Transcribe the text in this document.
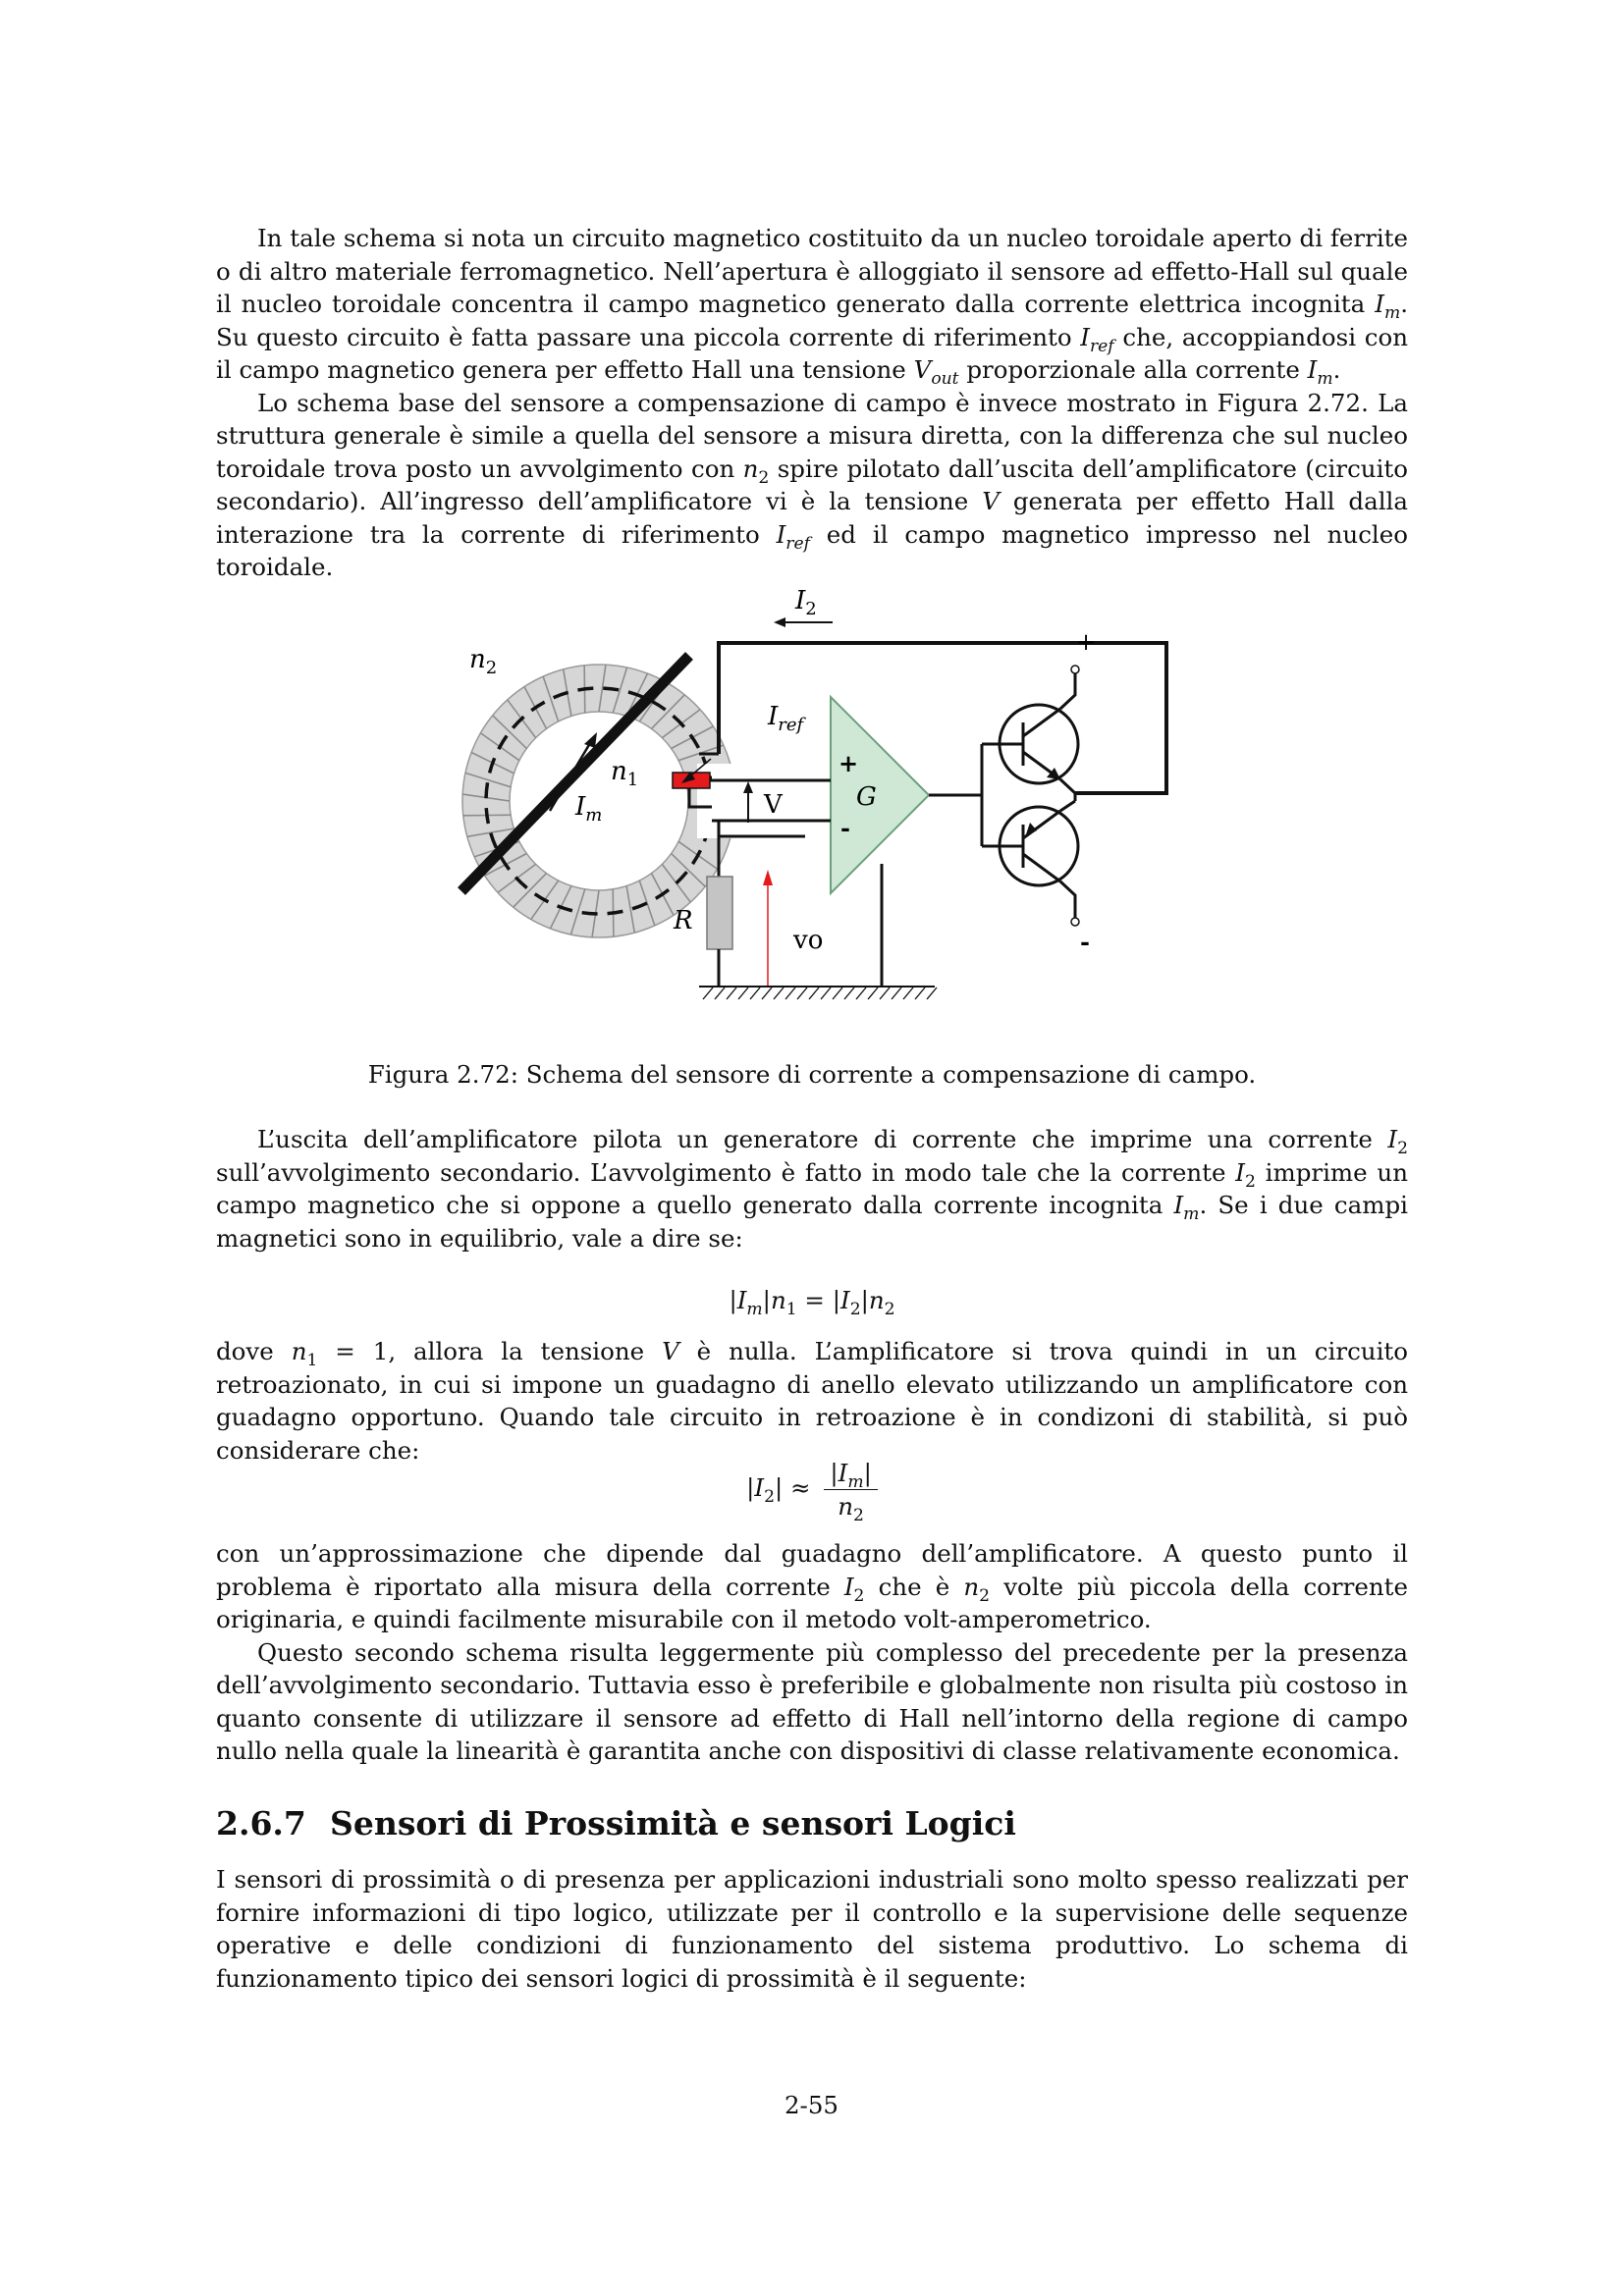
In tale schema si nota un circuito magnetico costituito da un nucleo toroidale aperto di ferrite o di altro materiale ferromagnetico. Nell’apertura è alloggiato il sensore ad effetto-Hall sul quale il nucleo toroidale concentra il campo magnetico generato dalla corrente elettrica incognita $I_m$. Su questo circuito è fatta passare una piccola corrente di riferimento $I_{ref}$ che, accoppiandosi con il campo magnetico genera per effetto Hall una tensione $V_{out}$ proporzionale alla corrente $I_m$.

Lo schema base del sensore a compensazione di campo è invece mostrato in Figura 2.72. La struttura generale è simile a quella del sensore a misura diretta, con la differenza che sul nucleo toroidale trova posto un avvolgimento con $n_2$ spire pilotato dall’uscita dell’amplificatore (circuito secondario). All’ingresso dell’amplificatore vi è la tensione V generata per effetto Hall dalla interazione tra la corrente di riferimento $I_{ref}$ ed il campo magnetico impresso nel nucleo toroidale.

$I_2$
$n_2$
$n_1$
$I_m$
$I_{ref}$
V	G
+
-
+
-
R
vo
Figura 2.72: Schema del sensore di corrente a compensazione di campo.

L’uscita dell’amplificatore pilota un generatore di corrente che imprime una corrente $I_2$ sull’avvolgimento secondario. L’avvolgimento è fatto in modo tale che la corrente $I_2$ imprime un campo magnetico che si oppone a quello generato dalla corrente incognita $I_m$. Se i due campi magnetici sono in equilibrio, vale a dire se:

$|I_m|n_1 = |I_2|n_2$

dove $n_1 = 1$, allora la tensione V è nulla. L’amplificatore si trova quindi in un circuito retroazionato, in cui si impone un guadagno di anello elevato utilizzando un amplificatore con guadagno opportuno. Quando tale circuito in retroazione è in condizoni di stabilità, si può considerare che:

$|I_2| \approx \frac{|I_m|}{n_2}$

con un’approssimazione che dipende dal guadagno dell’amplificatore. A questo punto il problema è riportato alla misura della corrente $I_2$ che è $n_2$ volte più piccola della corrente originaria, e quindi facilmente misurabile con il metodo volt-amperometrico.

Questo secondo schema risulta leggermente più complesso del precedente per la presenza dell’avvolgimento secondario. Tuttavia esso è preferibile e globalmente non risulta più costoso in quanto consente di utilizzare il sensore ad effetto di Hall nell’intorno della regione di campo nullo nella quale la linearità è garantita anche con dispositivi di classe relativamente economica.

2.6.7 Sensori di Prossimità e sensori Logici

I sensori di prossimità o di presenza per applicazioni industriali sono molto spesso realizzati per fornire informazioni di tipo logico, utilizzate per il controllo e la supervisione delle sequenze operative e delle condizioni di funzionamento del sistema produttivo. Lo schema di funzionamento tipico dei sensori logici di prossimità è il seguente:

2-55
